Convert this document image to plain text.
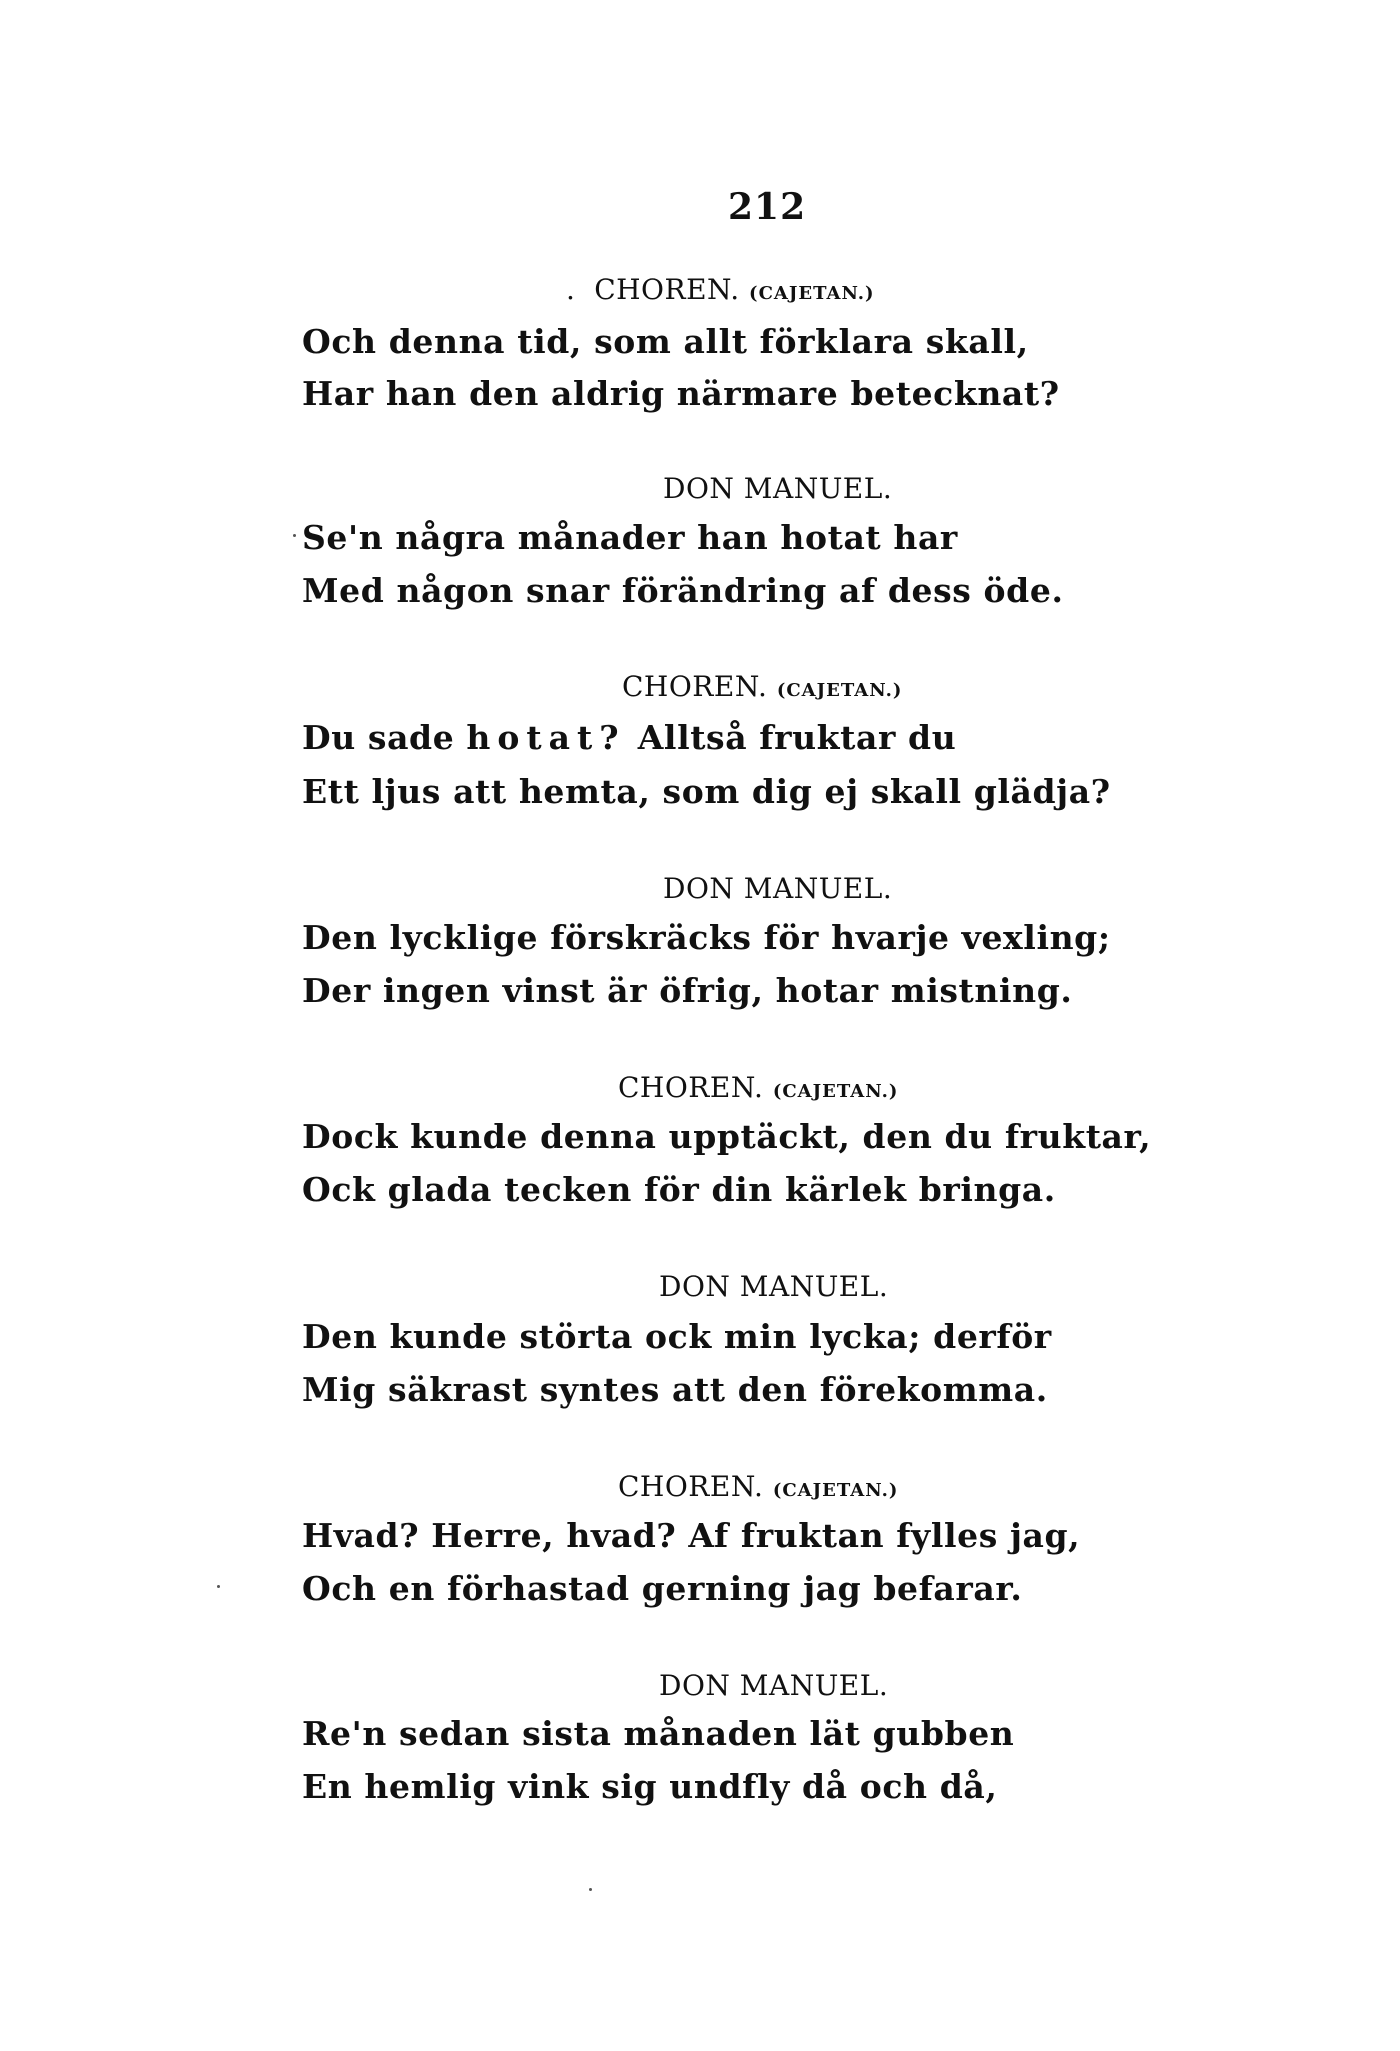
212
.  CHOREN. (CAJETAN.)
Och denna tid, som allt förklara skall,
Har han den aldrig närmare betecknat?
DON MANUEL.
Se'n några månader han hotat har
Med någon snar förändring af dess öde.
CHOREN. (CAJETAN.)
Du sade hotat? Alltså fruktar du
Ett ljus att hemta, som dig ej skall glädja?
DON MANUEL.
Den lycklige förskräcks för hvarje vexling;
Der ingen vinst är öfrig, hotar mistning.
CHOREN. (CAJETAN.)
Dock kunde denna upptäckt, den du fruktar,
Ock glada tecken för din kärlek bringa.
DON MANUEL.
Den kunde störta ock min lycka; derför
Mig säkrast syntes att den förekomma.
CHOREN. (CAJETAN.)
Hvad? Herre, hvad? Af fruktan fylles jag,
Och en förhastad gerning jag befarar.
DON MANUEL.
Re'n sedan sista månaden lät gubben
En hemlig vink sig undfly då och då,
